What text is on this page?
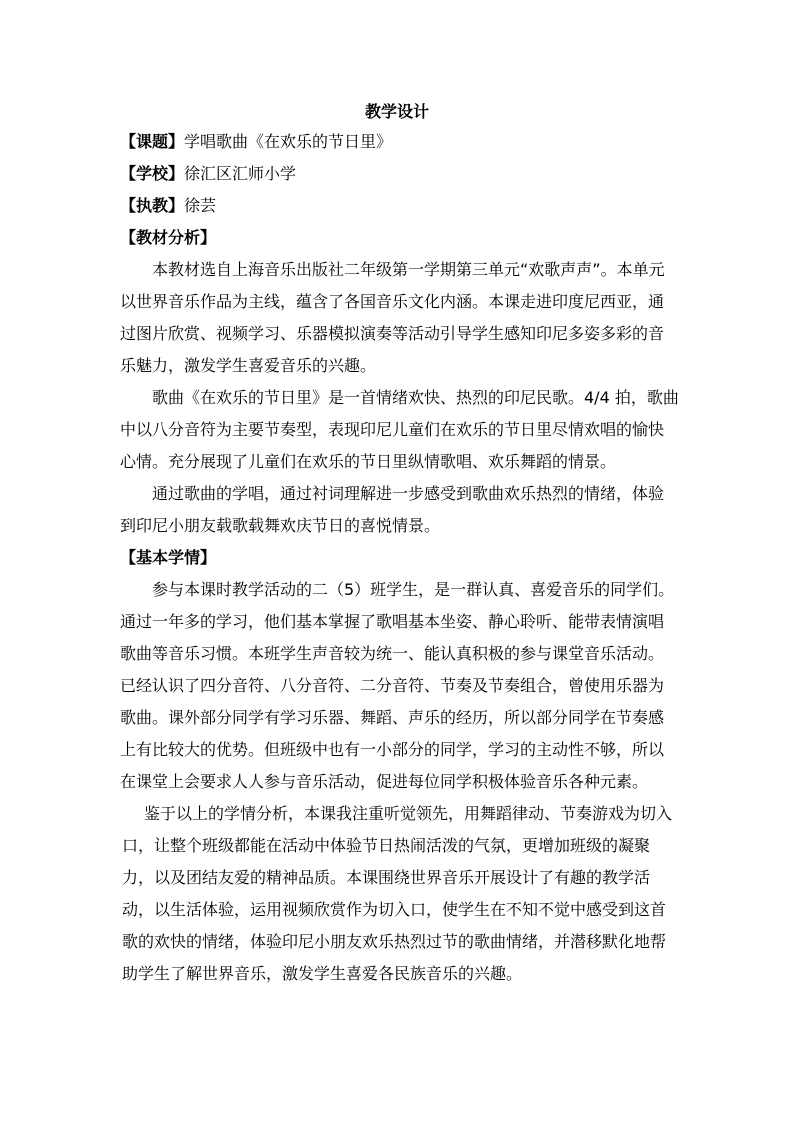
教学设计
【课题】学唱歌曲《在欢乐的节日里》
【学校】徐汇区汇师小学
【执教】徐芸
【教材分析】
本教材选自上海音乐出版社二年级第一学期第三单元“欢歌声声”。本单元
以世界音乐作品为主线，蕴含了各国音乐文化内涵。本课走进印度尼西亚，通
过图片欣赏、视频学习、乐器模拟演奏等活动引导学生感知印尼多姿多彩的音
乐魅力，激发学生喜爱音乐的兴趣。
歌曲《在欢乐的节日里》是一首情绪欢快、热烈的印尼民歌。4/4 拍，歌曲
中以八分音符为主要节奏型，表现印尼儿童们在欢乐的节日里尽情欢唱的愉快
心情。充分展现了儿童们在欢乐的节日里纵情歌唱、欢乐舞蹈的情景。
通过歌曲的学唱，通过衬词理解进一步感受到歌曲欢乐热烈的情绪，体验
到印尼小朋友载歌载舞欢庆节日的喜悦情景。
【基本学情】
参与本课时教学活动的二（5）班学生，是一群认真、喜爱音乐的同学们。
通过一年多的学习，他们基本掌握了歌唱基本坐姿、静心聆听、能带表情演唱
歌曲等音乐习惯。本班学生声音较为统一、能认真积极的参与课堂音乐活动。
已经认识了四分音符、八分音符、二分音符、节奏及节奏组合，曾使用乐器为
歌曲。课外部分同学有学习乐器、舞蹈、声乐的经历，所以部分同学在节奏感
上有比较大的优势。但班级中也有一小部分的同学，学习的主动性不够，所以
在课堂上会要求人人参与音乐活动，促进每位同学积极体验音乐各种元素。
鉴于以上的学情分析，本课我注重听觉领先，用舞蹈律动、节奏游戏为切入
口，让整个班级都能在活动中体验节日热闹活泼的气氛，更增加班级的凝聚
力，以及团结友爱的精神品质。本课围绕世界音乐开展设计了有趣的教学活
动，以生活体验，运用视频欣赏作为切入口，使学生在不知不觉中感受到这首
歌的欢快的情绪，体验印尼小朋友欢乐热烈过节的歌曲情绪，并潜移默化地帮
助学生了解世界音乐，激发学生喜爱各民族音乐的兴趣。
